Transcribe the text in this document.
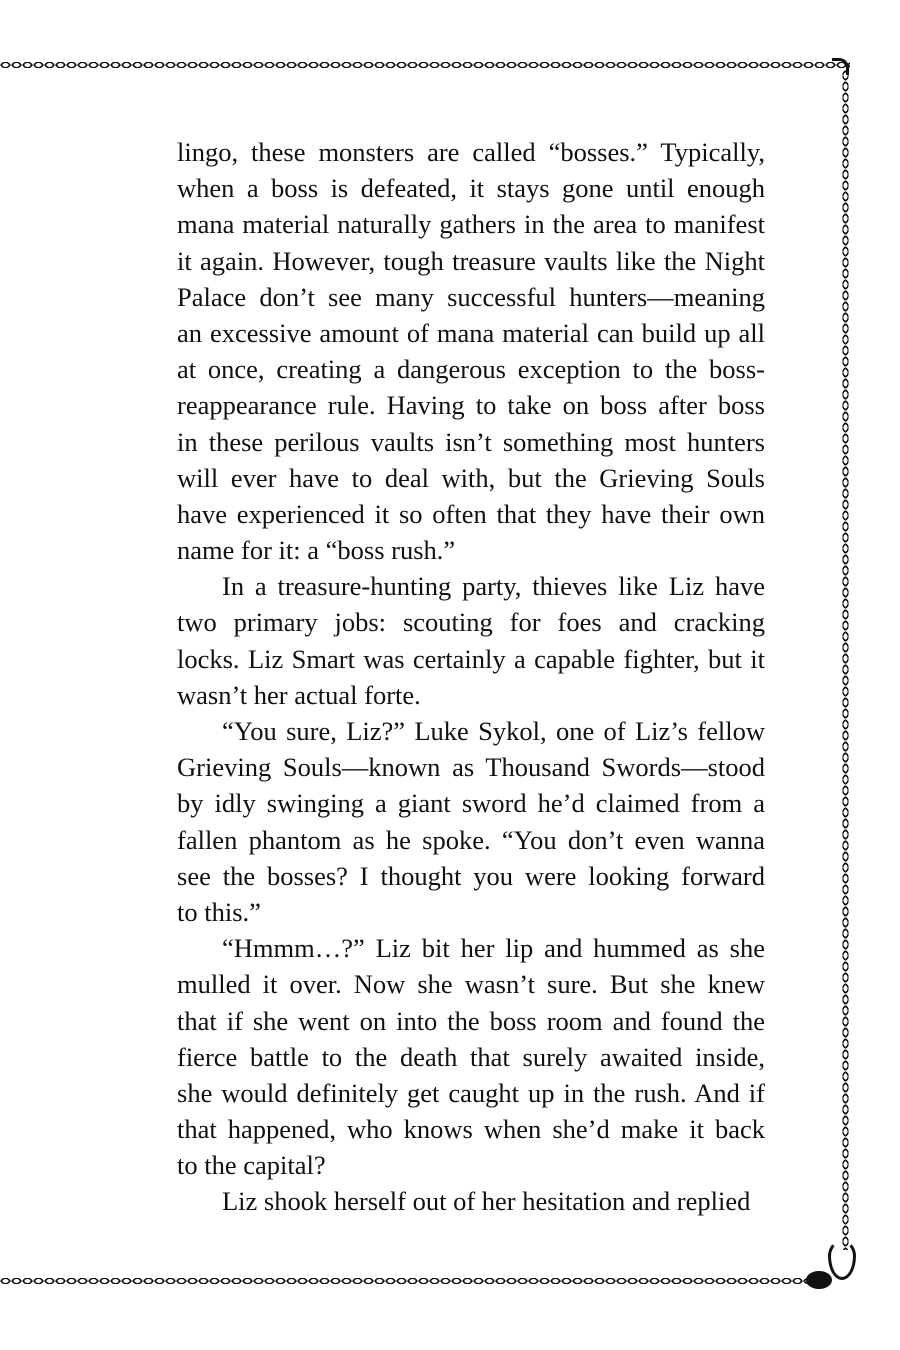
lingo, these monsters are called “bosses.” Typically,
when a boss is defeated, it stays gone until enough
mana material naturally gathers in the area to manifest
it again. However, tough treasure vaults like the Night
Palace don’t see many successful hunters—meaning
an excessive amount of mana material can build up all
at once, creating a dangerous exception to the boss-
reappearance rule. Having to take on boss after boss
in these perilous vaults isn’t something most hunters
will ever have to deal with, but the Grieving Souls
have experienced it so often that they have their own
name for it: a “boss rush.”
In a treasure-hunting party, thieves like Liz have
two primary jobs: scouting for foes and cracking
locks. Liz Smart was certainly a capable fighter, but it
wasn’t her actual forte.
“You sure, Liz?” Luke Sykol, one of Liz’s fellow
Grieving Souls—known as Thousand Swords—stood
by idly swinging a giant sword he’d claimed from a
fallen phantom as he spoke. “You don’t even wanna
see the bosses? I thought you were looking forward
to this.”
“Hmmm…?” Liz bit her lip and hummed as she
mulled it over. Now she wasn’t sure. But she knew
that if she went on into the boss room and found the
fierce battle to the death that surely awaited inside,
she would definitely get caught up in the rush. And if
that happened, who knows when she’d make it back
to the capital?
Liz shook herself out of her hesitation and replied
